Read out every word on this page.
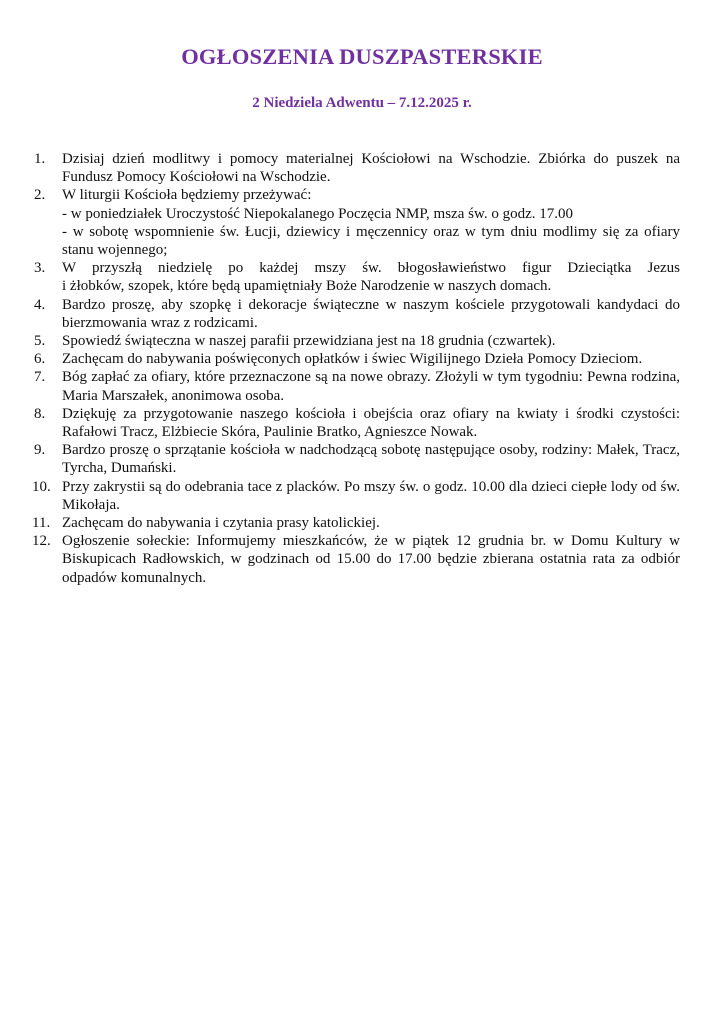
OGŁOSZENIA DUSZPASTERSKIE
2 Niedziela Adwentu – 7.12.2025 r.
1.	Dzisiaj dzień modlitwy i pomocy materialnej Kościołowi na Wschodzie. Zbiórka do puszek na Fundusz Pomocy Kościołowi na Wschodzie.
2.	W liturgii Kościoła będziemy przeżywać:
- w poniedziałek Uroczystość Niepokalanego Poczęcia NMP, msza św. o godz. 17.00
- w sobotę wspomnienie św. Łucji, dziewicy i męczennicy oraz w tym dniu modlimy się za ofiary stanu wojennego;
3.	W przyszłą niedzielę po każdej mszy św. błogosławieństwo figur Dzieciątka Jezus
i żłobków, szopek, które będą upamiętniały Boże Narodzenie w naszych domach.
4.	Bardzo proszę, aby szopkę i dekoracje świąteczne w naszym kościele przygotowali kandydaci do bierzmowania wraz z rodzicami.
5.	Spowiedź świąteczna w naszej parafii przewidziana jest na 18 grudnia (czwartek).
6.	Zachęcam do nabywania poświęconych opłatków i świec Wigilijnego Dzieła Pomocy Dzieciom.
7.	Bóg zapłać za ofiary, które przeznaczone są na nowe obrazy. Złożyli w tym tygodniu: Pewna rodzina, Maria Marszałek, anonimowa osoba.
8.	Dziękuję za przygotowanie naszego kościoła i obejścia oraz ofiary na kwiaty i środki czystości: Rafałowi Tracz, Elżbiecie Skóra, Paulinie Bratko, Agnieszce Nowak.
9.	Bardzo proszę o sprzątanie kościoła w nadchodzącą sobotę następujące osoby, rodziny: Małek, Tracz, Tyrcha, Dumański.
10. Przy zakrystii są do odebrania tace z placków. Po mszy św. o godz. 10.00 dla dzieci ciepłe lody od św. Mikołaja.
11. Zachęcam do nabywania i czytania prasy katolickiej.
12. Ogłoszenie sołeckie: Informujemy mieszkańców, że w piątek 12 grudnia br. w Domu Kultury w Biskupicach Radłowskich, w godzinach od 15.00 do 17.00 będzie zbierana ostatnia rata za odbiór odpadów komunalnych.
